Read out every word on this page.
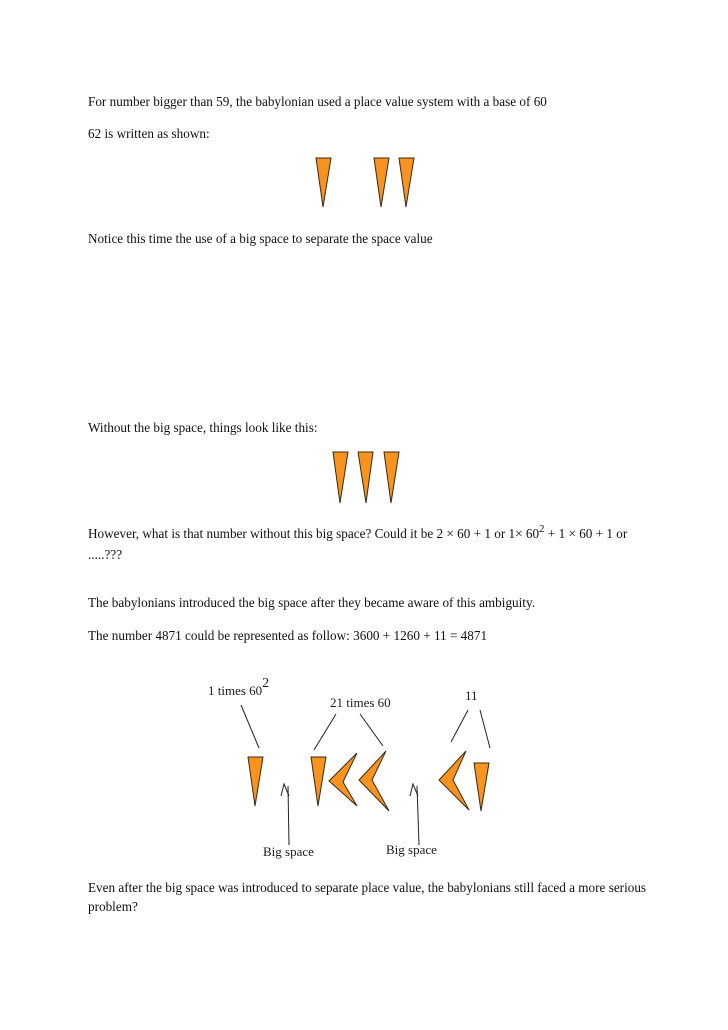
For number bigger than 59, the babylonian used a place value system with a base of 60

62 is written as shown:

1 times 602
21 times 60	11
Big space	Big space

Notice this time the use of a big space to separate the space value

Without the big space, things look like this:

However, what is that number without this big space? Could it be 2 × 60 + 1 or $1\times 60^2 + 1 \times 60 + 1$ or .....???

The babylonians introduced the big space after they became aware of this ambiguity.

The number 4871 could be represented as follow: 3600 + 1260 + 11 = 4871

Even after the big space was introduced to separate place value, the babylonians still faced a more serious problem?
